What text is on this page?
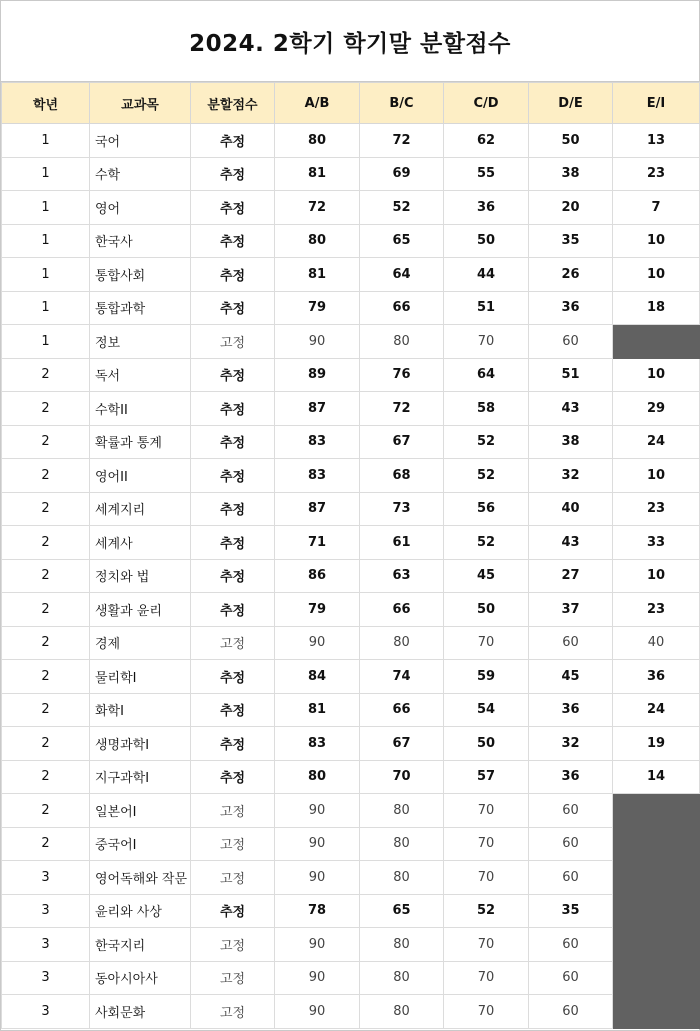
2024. 2학기 학기말 분할점수
학년	교과목	분할점수	A/B	B/C	C/D	D/E	E/I
1	국어	추정	80	72	62	50	13
1	수학	추정	81	69	55	38	23
1	영어	추정	72	52	36	20	7
1	한국사	추정	80	65	50	35	10
1	통합사회	추정	81	64	44	26	10
1	통합과학	추정	79	66	51	36	18
1	정보	고정	90	80	70	60	
2	독서	추정	89	76	64	51	10
2	수학II	추정	87	72	58	43	29
2	확률과 통계	추정	83	67	52	38	24
2	영어II	추정	83	68	52	32	10
2	세계지리	추정	87	73	56	40	23
2	세계사	추정	71	61	52	43	33
2	정치와 법	추정	86	63	45	27	10
2	생활과 윤리	추정	79	66	50	37	23
2	경제	고정	90	80	70	60	40
2	물리학I	추정	84	74	59	45	36
2	화학I	추정	81	66	54	36	24
2	생명과학I	추정	83	67	50	32	19
2	지구과학I	추정	80	70	57	36	14
2	일본어I	고정	90	80	70	60	
2	중국어I	고정	90	80	70	60	
3	영어독해와 작문	고정	90	80	70	60	
3	윤리와 사상	추정	78	65	52	35	
3	한국지리	고정	90	80	70	60	
3	동아시아사	고정	90	80	70	60	
3	사회문화	고정	90	80	70	60	
